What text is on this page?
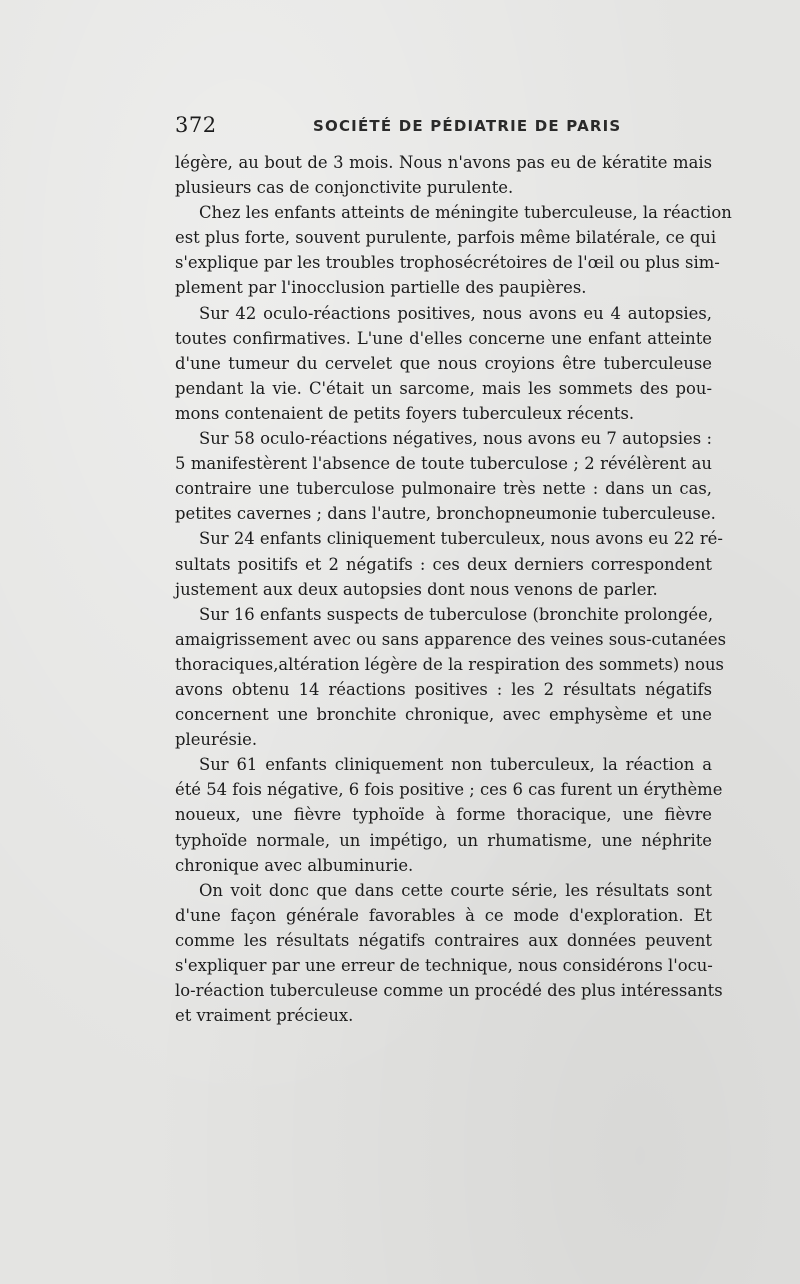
372	SOCIÉTÉ DE PÉDIATRIE DE PARIS
légère, au bout de 3 mois. Nous n'avons pas eu de kératite mais
plusieurs cas de conjonctivite purulente.
Chez les enfants atteints de méningite tuberculeuse, la réaction
est plus forte, souvent purulente, parfois même bilatérale, ce qui
s'explique par les troubles trophosécrétoires de l'œil ou plus sim-
plement par l'inocclusion partielle des paupières.
Sur 42 oculo-réactions positives, nous avons eu 4 autopsies,
toutes confirmatives. L'une d'elles concerne une enfant atteinte
d'une tumeur du cervelet que nous croyions être tuberculeuse
pendant la vie. C'était un sarcome, mais les sommets des pou-
mons contenaient de petits foyers tuberculeux récents.
Sur 58 oculo-réactions négatives, nous avons eu 7 autopsies :
5 manifestèrent l'absence de toute tuberculose ; 2 révélèrent au
contraire une tuberculose pulmonaire très nette : dans un cas,
petites cavernes ; dans l'autre, bronchopneumonie tuberculeuse.
Sur 24 enfants cliniquement tuberculeux, nous avons eu 22 ré-
sultats positifs et 2 négatifs : ces deux derniers correspondent
justement aux deux autopsies dont nous venons de parler.
Sur 16 enfants suspects de tuberculose (bronchite prolongée,
amaigrissement avec ou sans apparence des veines sous-cutanées
thoraciques,altération légère de la respiration des sommets) nous
avons obtenu 14 réactions positives : les 2 résultats négatifs
concernent une bronchite chronique, avec emphysème et une
pleurésie.
Sur 61 enfants cliniquement non tuberculeux, la réaction a
été 54 fois négative, 6 fois positive ; ces 6 cas furent un érythème
noueux, une fièvre typhoïde à forme thoracique, une fièvre
typhoïde normale, un impétigo, un rhumatisme, une néphrite
chronique avec albuminurie.
On voit donc que dans cette courte série, les résultats sont
d'une façon générale favorables à ce mode d'exploration. Et
comme les résultats négatifs contraires aux données peuvent
s'expliquer par une erreur de technique, nous considérons l'ocu-
lo-réaction tuberculeuse comme un procédé des plus intéressants
et vraiment précieux.
